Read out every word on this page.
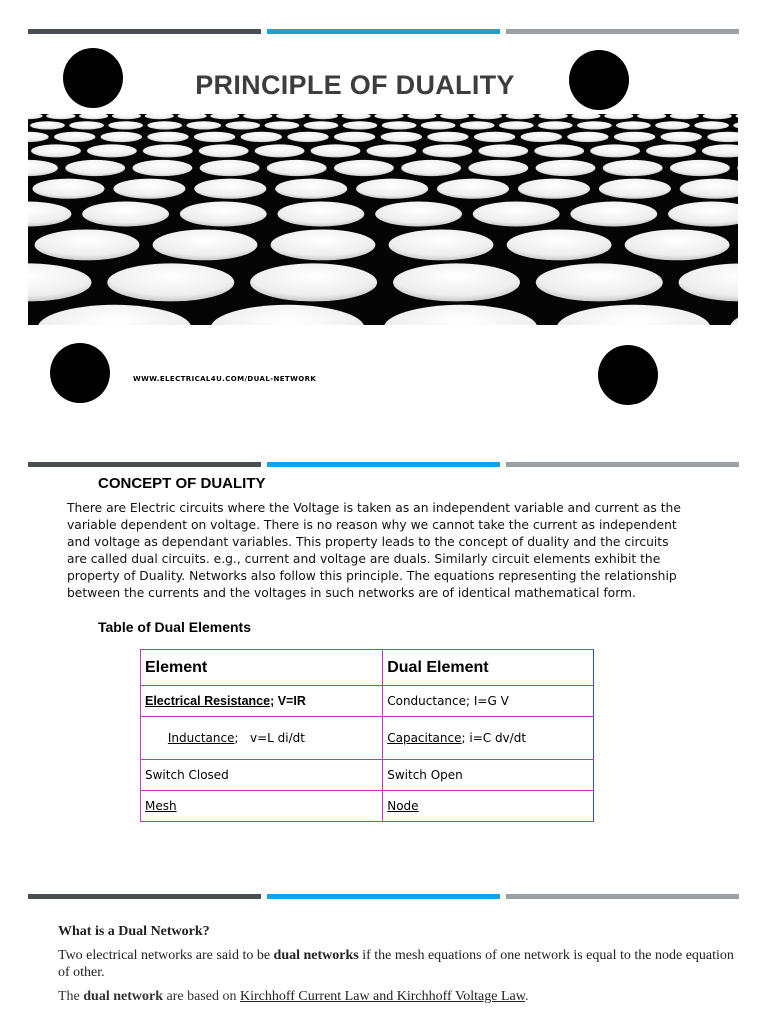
PRINCIPLE OF DUALITY
WWW.ELECTRICAL4U.COM/DUAL-NETWORK
CONCEPT OF DUALITY
There are Electric circuits where the Voltage is taken as an independent variable and current as the variable dependent on voltage. There is no reason why we cannot take the current as independent and voltage as dependant variables. This property leads to the concept of duality and the circuits are called dual circuits. e.g., current and voltage are duals. Similarly circuit elements exhibit the property of Duality. Networks also follow this principle. The equations representing the relationship between the currents and the voltages in such networks are of identical mathematical form.
Table of Dual Elements
Element	Dual Element
Electrical Resistance; V=IR	Conductance; I=G V

Inductance;   v=L di/dt	Capacitance; i=C dv/dt
Switch Closed	Switch Open
Mesh	Node
What is a Dual Network?
Two electrical networks are said to be dual networks if the mesh equations of one network is equal to the node equation of other.
The dual network are based on Kirchhoff Current Law and Kirchhoff Voltage Law.
